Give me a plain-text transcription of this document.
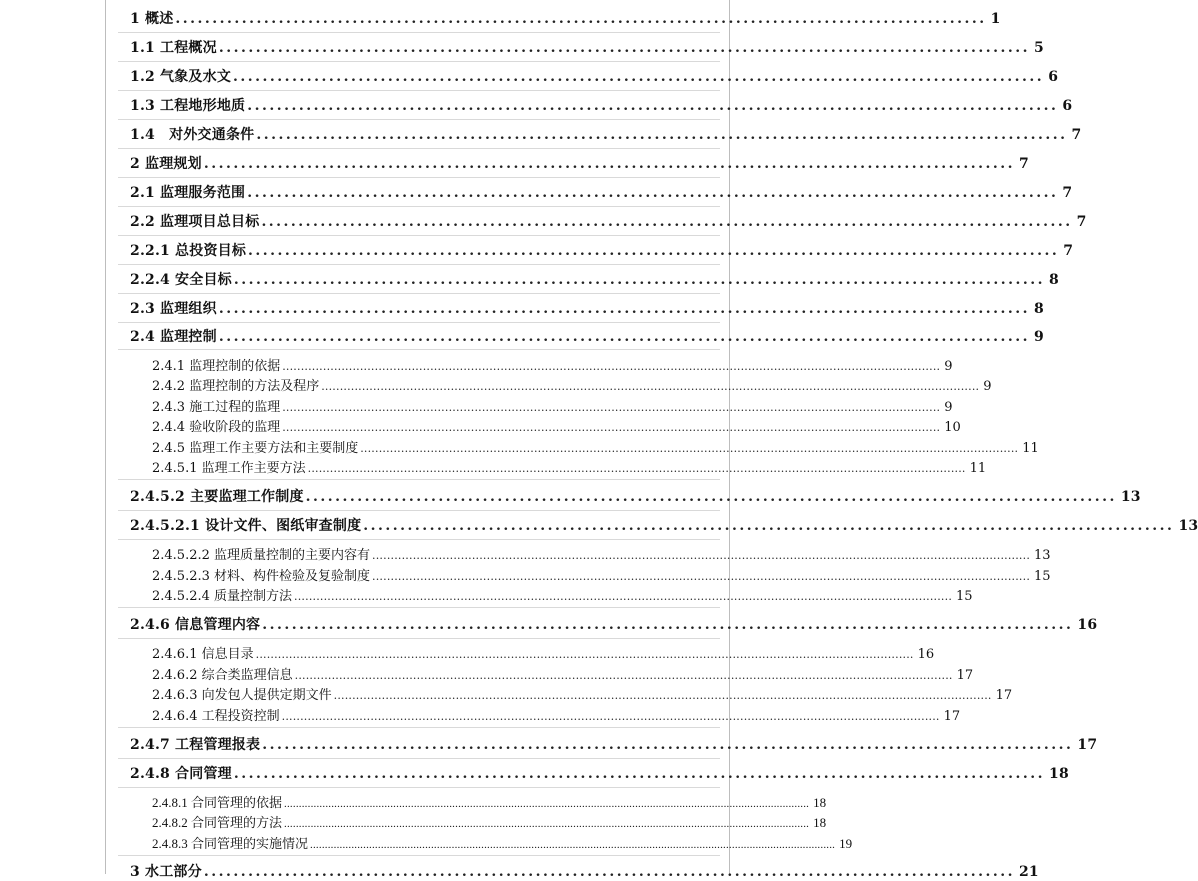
1 概述 .............................................................................................................. 1
1.1 工程概况 .............................................................................................................. 5
1.2 气象及水文 .............................................................................................................. 6
1.3 工程地形地质 .............................................................................................................. 6
1.4　对外交通条件 .............................................................................................................. 7
2 监理规划 .............................................................................................................. 7
2.1 监理服务范围 .............................................................................................................. 7
2.2 监理项目总目标 .............................................................................................................. 7
2.2.1 总投资目标 .............................................................................................................. 7
2.2.4 安全目标 .............................................................................................................. 8
2.3 监理组织 .............................................................................................................. 8
2.4 监理控制 .............................................................................................................. 9
2.4.1 监理控制的依据 .................................................................................................................................................................................. 9
2.4.2 监理控制的方法及程序 .................................................................................................................................................................................. 9
2.4.3 施工过程的监理 .................................................................................................................................................................................. 9
2.4.4 验收阶段的监理 .................................................................................................................................................................................. 10
2.4.5 监理工作主要方法和主要制度 .................................................................................................................................................................................. 11
2.4.5.1 监理工作主要方法 .................................................................................................................................................................................. 11
2.4.5.2 主要监理工作制度 .............................................................................................................. 13
2.4.5.2.1 设计文件、图纸审查制度 .............................................................................................................. 13
2.4.5.2.2 监理质量控制的主要内容有 .................................................................................................................................................................................. 13
2.4.5.2.3 材料、构件检验及复验制度 .................................................................................................................................................................................. 15
2.4.5.2.4 质量控制方法 .................................................................................................................................................................................. 15
2.4.6 信息管理内容 .............................................................................................................. 16
2.4.6.1 信息目录 .................................................................................................................................................................................. 16
2.4.6.2 综合类监理信息 .................................................................................................................................................................................. 17
2.4.6.3 向发包人提供定期文件 .................................................................................................................................................................................. 17
2.4.6.4 工程投资控制 .................................................................................................................................................................................. 17
2.4.7 工程管理报表 .............................................................................................................. 17
2.4.8 合同管理 .............................................................................................................. 18
2.4.8.1 合同管理的依据 .................................................................................................................................................................................. 18
2.4.8.2 合同管理的方法 .................................................................................................................................................................................. 18
2.4.8.3 合同管理的实施情况 .................................................................................................................................................................................. 19
3 水工部分 .............................................................................................................. 21
